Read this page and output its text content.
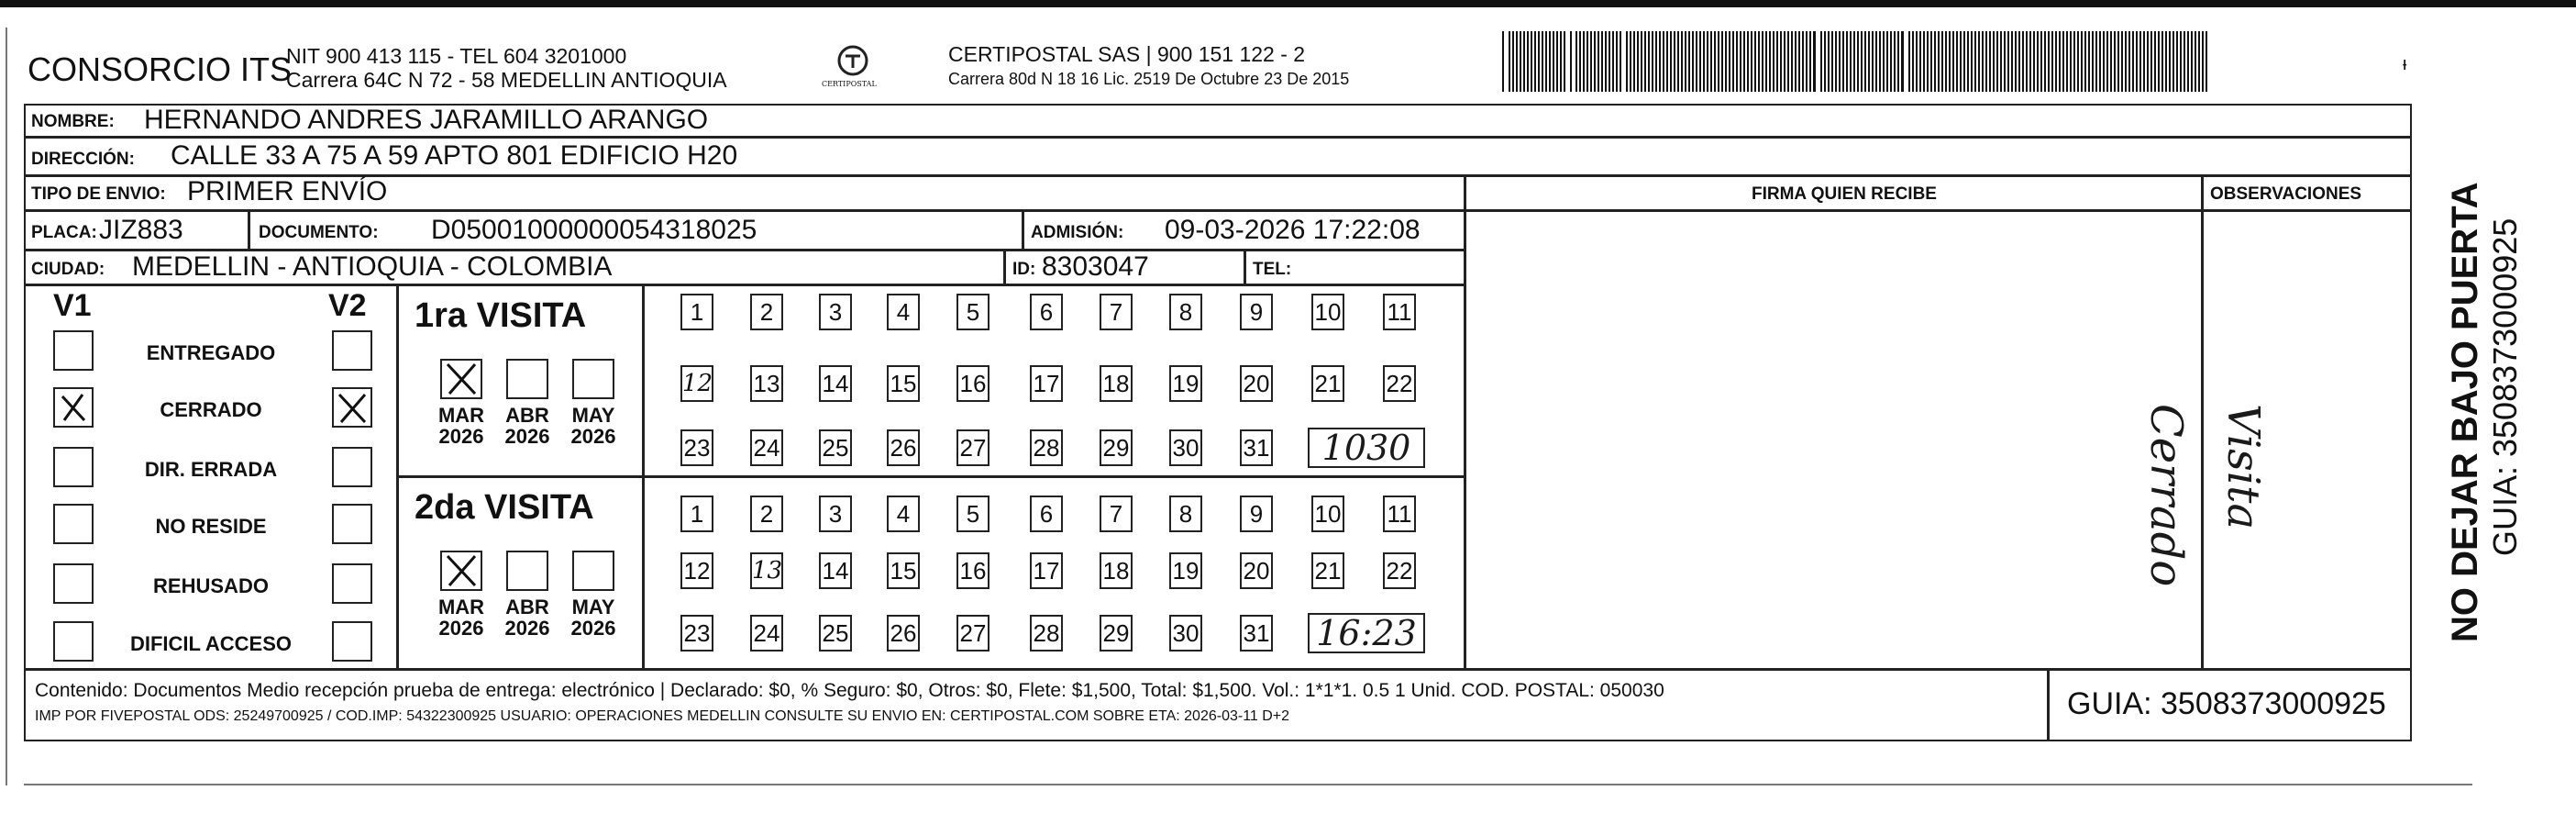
CONSORCIO ITS
NIT 900 413 115 - TEL 604 3201000
Carrera 64C N 72 - 58 MEDELLIN ANTIOQUIA	CERTIPOSTAL
CERTIPOSTAL SAS | 900 151 122 - 2
Carrera 80d N 18 16 Lic. 2519 De Octubre 23 De 2015
ᵼ
NOMBRE: HERNANDO ANDRES JARAMILLO ARANGO
DIRECCIÓN: CALLE 33 A 75 A 59 APTO 801 EDIFICIO H20
TIPO DE ENVIO: PRIMER ENVÍO	FIRMA QUIEN RECIBE	OBSERVACIONES
PLACA: JIZ883	DOCUMENTO: D05001000000054318025	ADMISIÓN: 09-03-2026 17:22:08
CIUDAD: MEDELLIN - ANTIOQUIA - COLOMBIA	ID: 8303047	TEL:
V1	V2
ENTREGADO
CERRADO
DIR. ERRADA
NO RESIDE
REHUSADO
DIFICIL ACCESO
1ra VISITA
MAR
2026
ABR
2026
MAY
2026
1	2	3	4	5	6	7	8	9	10 11
12 13 14 15 16 17 18 19 20 21 22
23 24 25 26 27 28 29 30 31	1030
2da VISITA
MAR
2026
ABR
2026
MAY
2026
1	2	3	4	5	6	7	8	9	10 11
12 13 14 15 16 17 18 19 20 21 22
23 24 25 26 27 28 29 30 31 16:23
Cerrado Visita
Contenido: Documentos Medio recepción prueba de entrega: electrónico | Declarado: $0, % Seguro: $0, Otros: $0, Flete: $1,500, Total: $1,500. Vol.: 1*1*1. 0.5 1 Unid. COD. POSTAL: 050030
IMP POR FIVEPOSTAL ODS: 25249700925 / COD.IMP: 54322300925 USUARIO: OPERACIONES MEDELLIN CONSULTE SU ENVIO EN: CERTIPOSTAL.COM SOBRE ETA: 2026-03-11 D+2	GUIA: 3508373000925
NO DEJAR BAJO PUERTA GUIA: 3508373000925
